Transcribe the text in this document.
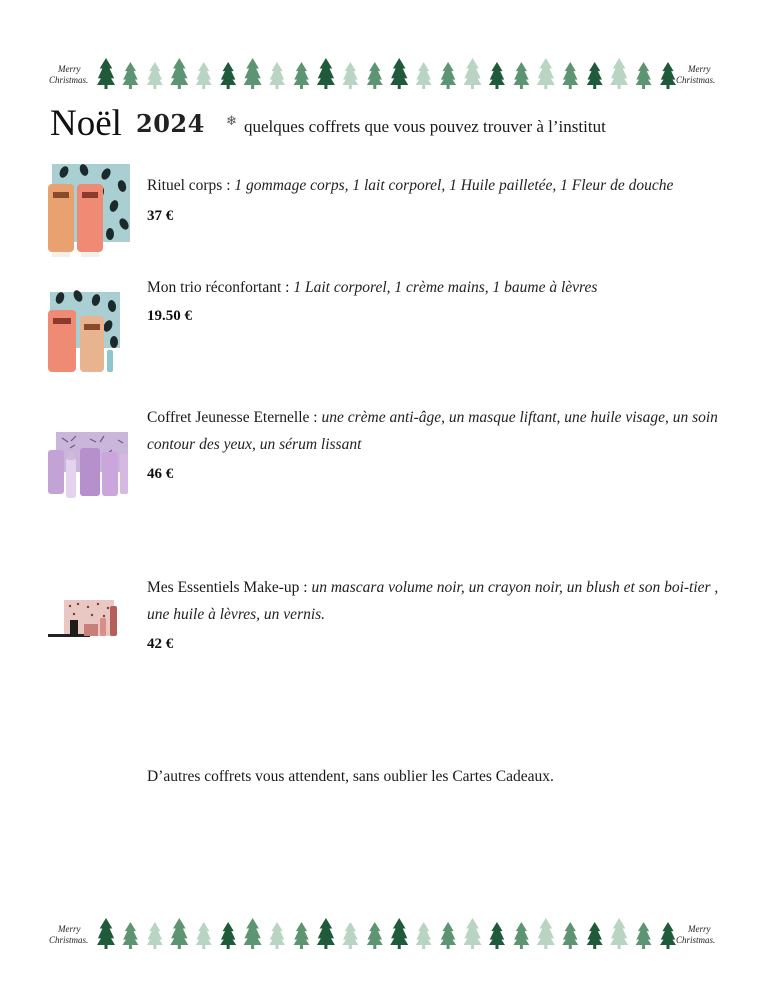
Merry
Christmas.
Merry
Christmas.
Noël 2024 ❄ quelques coffrets que vous pouvez trouver à l’institut
Rituel corps : 1 gommage corps, 1 lait corporel, 1 Huile pailletée, 1 Fleur de douche
37 €
Mon trio réconfortant : 1 Lait corporel, 1 crème mains, 1 baume à lèvres
19.50 €
Coffret Jeunesse Eternelle : une crème anti-âge, un masque liftant, une huile visage, un soin contour des yeux, un sérum lissant
46 €
Mes Essentiels Make-up : un mascara volume noir, un crayon noir, un blush et son boi-tier , une huile à lèvres, un vernis.
42 €
D’autres coffrets vous attendent, sans oublier les Cartes Cadeaux.
Merry
Christmas.
Merry
Christmas.
